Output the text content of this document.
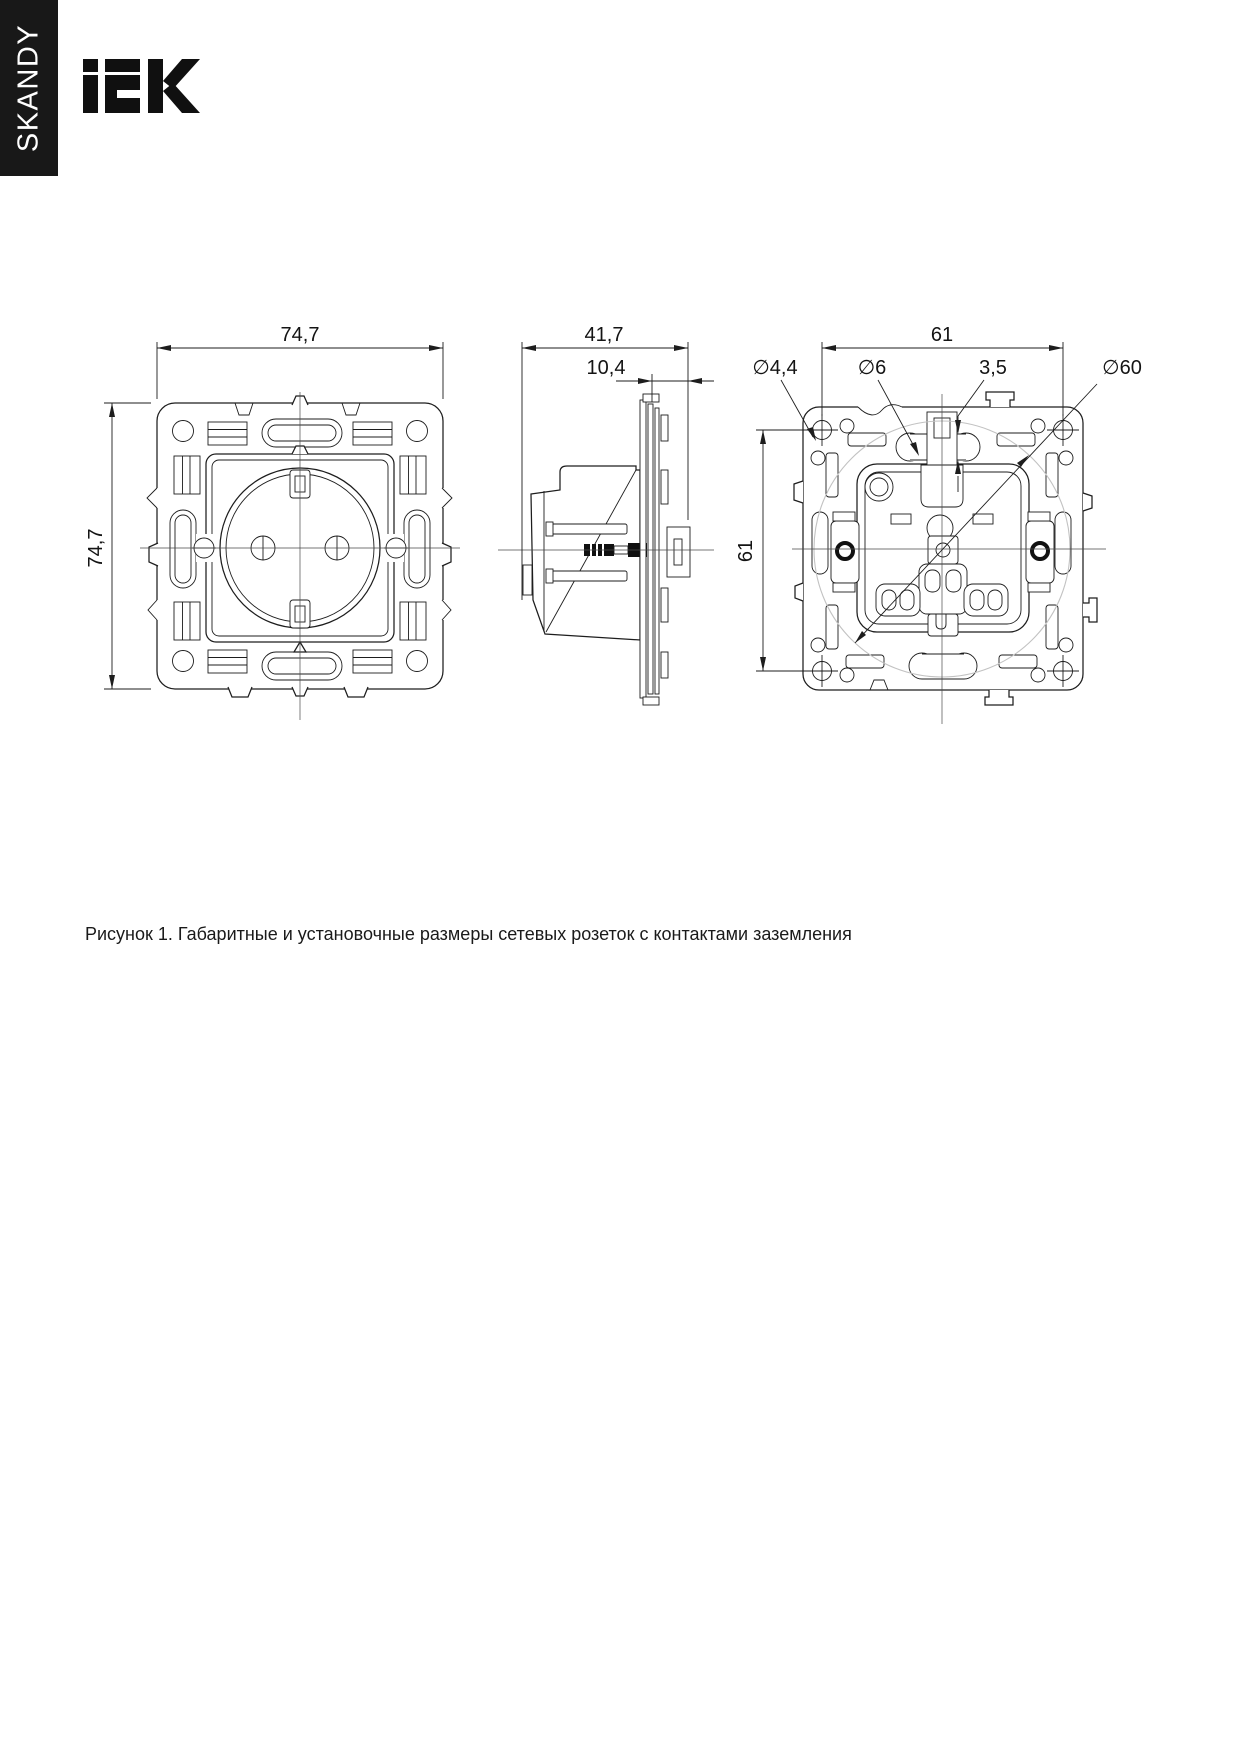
SKANDY
74,7
74,7
41,7
10,4
61
61
∅4,4	∅6	3,5	∅60
Рисунок 1. Габаритные и установочные размеры сетевых розеток с контактами заземления
